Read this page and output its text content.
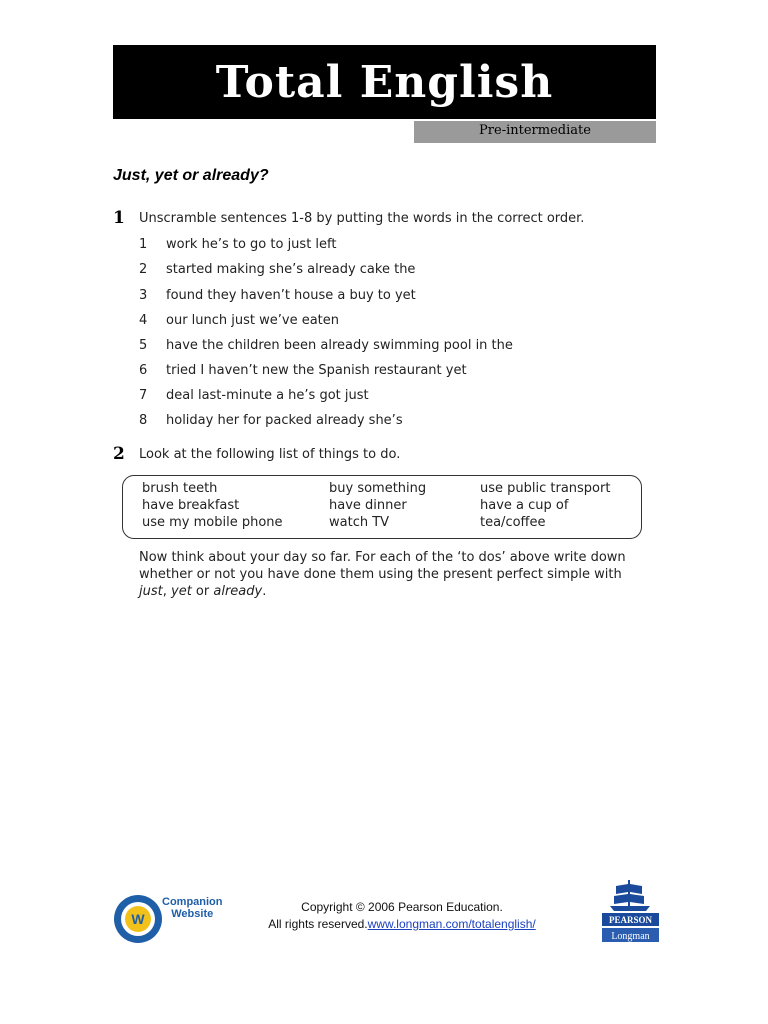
Total English
Pre-intermediate
Just, yet or already?
1 Unscramble sentences 1-8 by putting the words in the correct order.
1 work he’s to go to just left
2 started making she’s already cake the
3 found they haven’t house a buy to yet
4 our lunch just we’ve eaten
5 have the children been already swimming pool in the
6 tried I haven’t new the Spanish restaurant yet
7 deal last-minute a he’s got just
8 holiday her for packed already she’s
2 Look at the following list of things to do.
brush teeth	buy something	use public transport
have breakfast	have dinner	have a cup of
use my mobile phone	watch TV	tea/coffee
Now think about your day so far. For each of the ‘to dos’ above write down whether or not you have done them using the present perfect simple with just, yet or already.
W
Companion
Website	Copyright © 2006 Pearson Education.
All rights reserved.www.longman.com/totalenglish/	PEARSON
Longman
